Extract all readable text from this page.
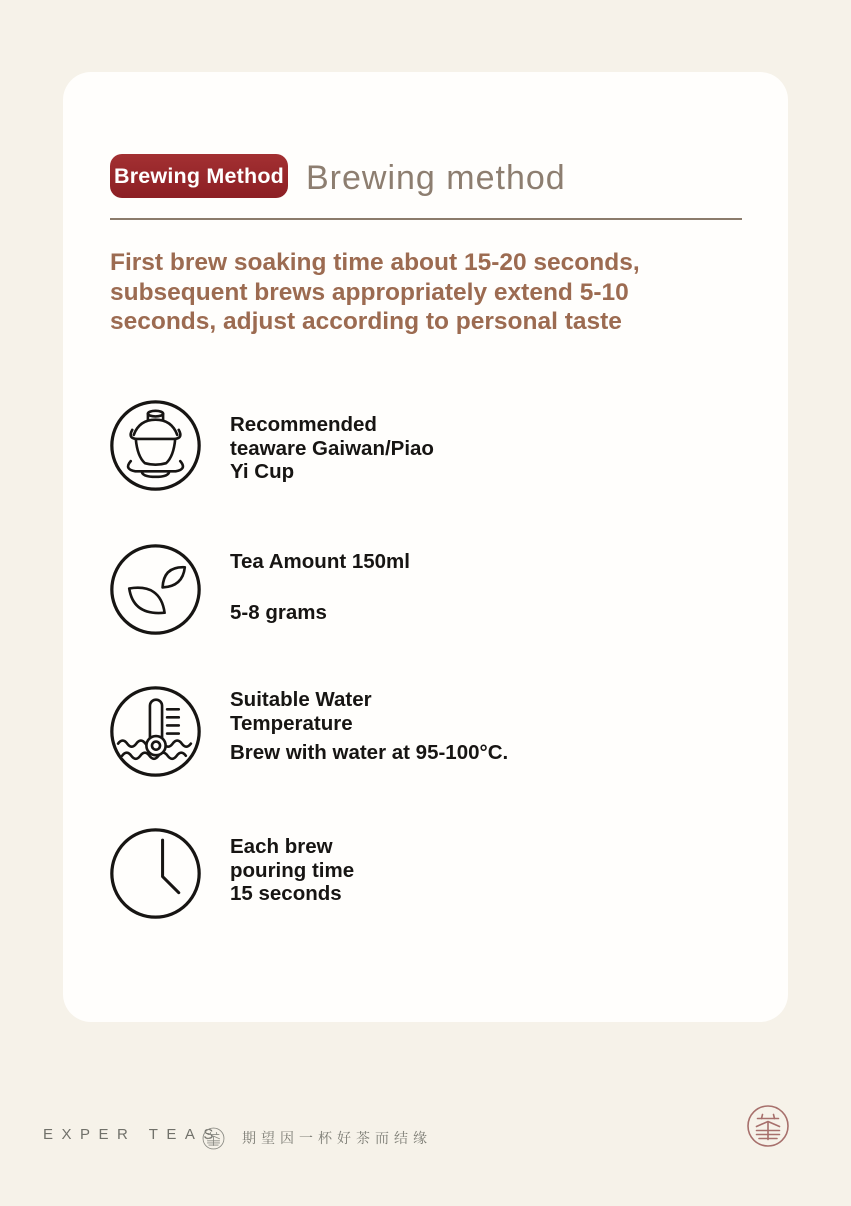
Brewing Method Brewing method
First brew soaking time about 15-20 seconds,
subsequent brews appropriately extend 5-10
seconds, adjust according to personal taste
Recommended
teaware Gaiwan/Piao
Yi Cup
Tea Amount 150ml
5-8 grams
Suitable Water
Temperature
Brew with water at 95-100°C.
Each brew
pouring time
15 seconds
EXPER TEAS 期望因一杯好茶而结缘
